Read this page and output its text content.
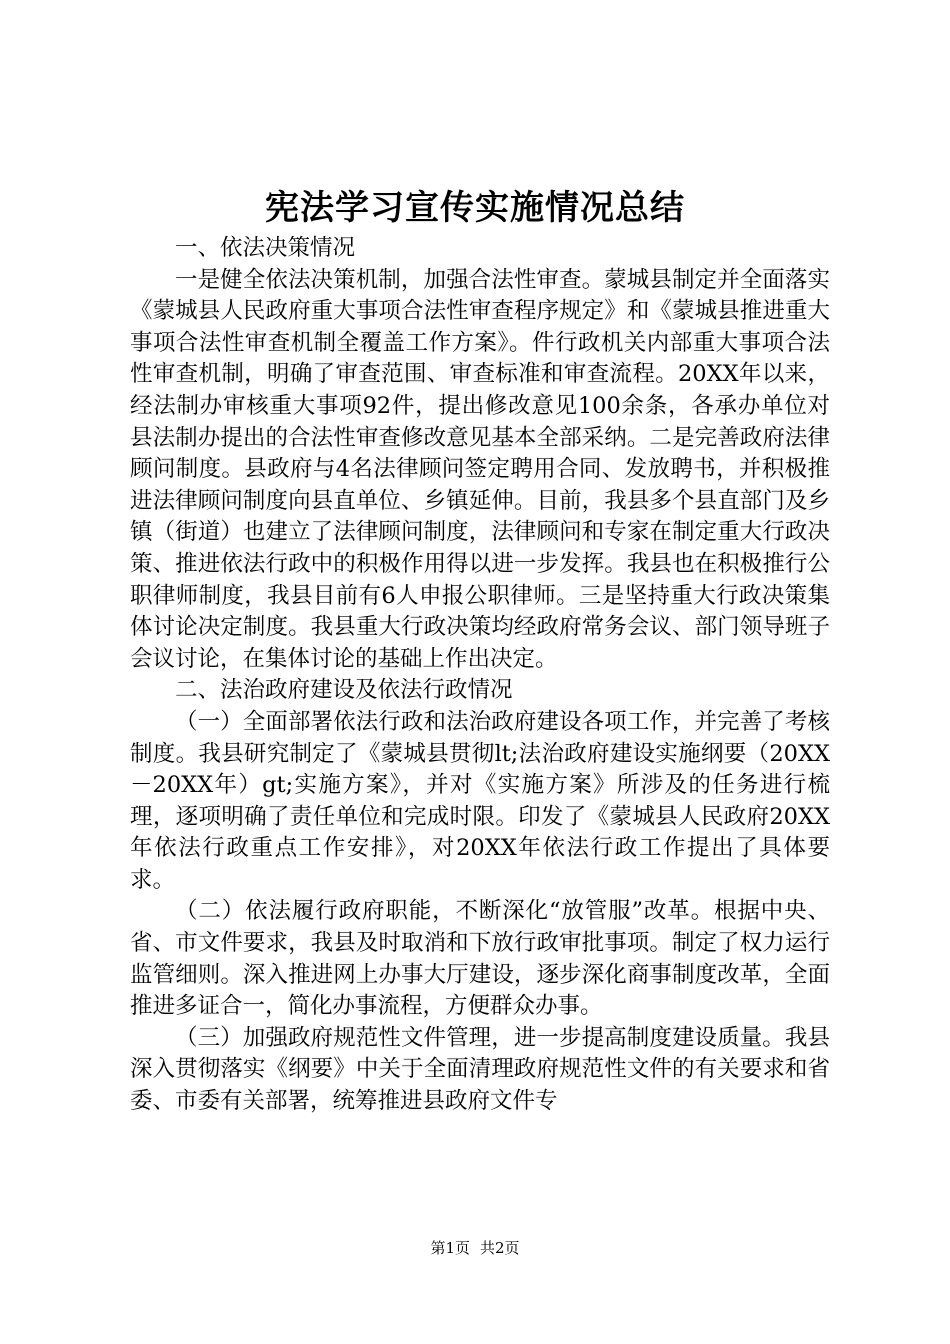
宪法学习宣传实施情况总结

一、依法决策情况

一是健全依法决策机制，加强合法性审查。蒙城县制定并全面落实《蒙城县人民政府重大事项合法性审查程序规定》和《蒙城县推进重大事项合法性审查机制全覆盖工作方案》。件行政机关内部重大事项合法性审查机制，明确了审查范围、审查标准和审查流程。20XX年以来，经法制办审核重大事项92件，提出修改意见100余条，各承办单位对县法制办提出的合法性审查修改意见基本全部采纳。二是完善政府法律顾问制度。县政府与4名法律顾问签定聘用合同、发放聘书，并积极推进法律顾问制度向县直单位、乡镇延伸。目前，我县多个县直部门及乡镇（街道）也建立了法律顾问制度，法律顾问和专家在制定重大行政决策、推进依法行政中的积极作用得以进一步发挥。我县也在积极推行公职律师制度，我县目前有6人申报公职律师。三是坚持重大行政决策集体讨论决定制度。我县重大行政决策均经政府常务会议、部门领导班子会议讨论，在集体讨论的基础上作出决定。

二、法治政府建设及依法行政情况

（一）全面部署依法行政和法治政府建设各项工作，并完善了考核制度。我县研究制定了《蒙城县贯彻lt;法治政府建设实施纲要（20XX－20XX年）gt;实施方案》，并对《实施方案》所涉及的任务进行梳理，逐项明确了责任单位和完成时限。印发了《蒙城县人民政府20XX年依法行政重点工作安排》，对20XX年依法行政工作提出了具体要求。

（二）依法履行政府职能，不断深化“放管服”改革。根据中央、省、市文件要求，我县及时取消和下放行政审批事项。制定了权力运行监管细则。深入推进网上办事大厅建设，逐步深化商事制度改革，全面推进多证合一，简化办事流程，方便群众办事。

（三）加强政府规范性文件管理，进一步提高制度建设质量。我县深入贯彻落实《纲要》中关于全面清理政府规范性文件的有关要求和省委、市委有关部署，统筹推进县政府文件专

第1页 共2页
